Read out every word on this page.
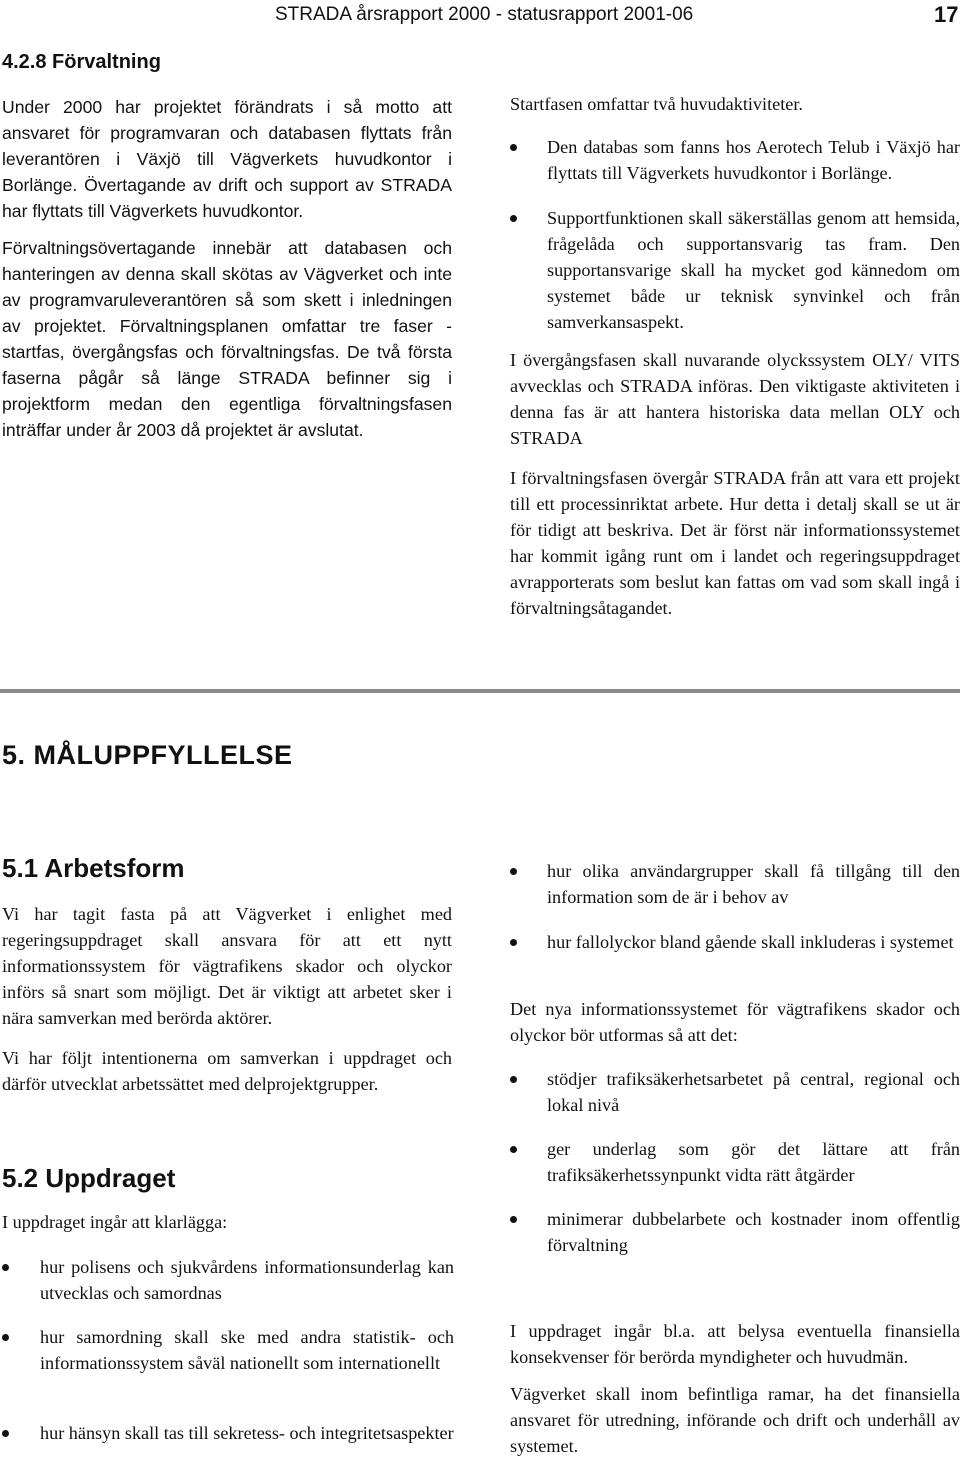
STRADA årsrapport 2000 - statusrapport 2001-06	17
4.2.8 Förvaltning

Under 2000 har projektet förändrats i så motto att ansvaret för programvaran och databasen flyttats från leverantören i Växjö till Vägverkets huvudkontor i Borlänge. Övertagande av drift och support av STRADA har flyttats till Vägverkets huvudkontor.

Förvaltningsövertagande innebär att databasen och hanteringen av denna skall skötas av Vägverket och inte av programvaruleverantören så som skett i inledningen av projektet. Förvaltningsplanen omfattar tre faser - startfas, övergångsfas och förvaltningsfas. De två första faserna pågår så länge STRADA befinner sig i projektform medan den egentliga förvaltningsfasen inträffar under år 2003 då projektet är avslutat.

Startfasen omfattar två huvudaktiviteter.

Den databas som fanns hos Aerotech Telub i Växjö har flyttats till Vägverkets huvudkontor i Borlänge.
Supportfunktionen skall säkerställas genom att hemsida, frågelåda och supportansvarig tas fram. Den supportansvarige skall ha mycket god kännedom om systemet både ur teknisk synvinkel och från samverkansaspekt.

I övergångsfasen skall nuvarande olyckssystem OLY/ VITS avvecklas och STRADA införas. Den viktigaste aktiviteten i denna fas är att hantera historiska data mellan OLY och STRADA

I förvaltningsfasen övergår STRADA från att vara ett projekt till ett processinriktat arbete. Hur detta i detalj skall se ut är för tidigt att beskriva. Det är först när informationssystemet har kommit igång runt om i landet och regeringsuppdraget avrapporterats som beslut kan fattas om vad som skall ingå i förvaltningsåtagandet.

5. MÅLUPPFYLLELSE
5.1 Arbetsform

Vi har tagit fasta på att Vägverket i enlighet med regeringsuppdraget skall ansvara för att ett nytt informationssystem för vägtrafikens skador och olyckor införs så snart som möjligt. Det är viktigt att arbetet sker i nära samverkan med berörda aktörer.

Vi har följt intentionerna om samverkan i uppdraget och därför utvecklat arbetssättet med delprojektgrupper.

5.2 Uppdraget

I uppdraget ingår att klarlägga:

hur polisens och sjukvårdens informationsunderlag kan utvecklas och samordnas
hur samordning skall ske med andra statistik- och informationssystem såväl nationellt som internationellt
hur hänsyn skall tas till sekretess- och integritetsaspekter
hur olika användargrupper skall få tillgång till den information som de är i behov av
hur fallolyckor bland gående skall inkluderas i systemet

Det nya informationssystemet för vägtrafikens skador och olyckor bör utformas så att det:

stödjer trafiksäkerhetsarbetet på central, regional och lokal nivå
ger underlag som gör det lättare att från trafiksäkerhetssynpunkt vidta rätt åtgärder
minimerar dubbelarbete och kostnader inom offentlig förvaltning

I uppdraget ingår bl.a. att belysa eventuella finansiella konsekvenser för berörda myndigheter och huvudmän.

Vägverket skall inom befintliga ramar, ha det finansiella ansvaret för utredning, införande och drift och underhåll av systemet.
